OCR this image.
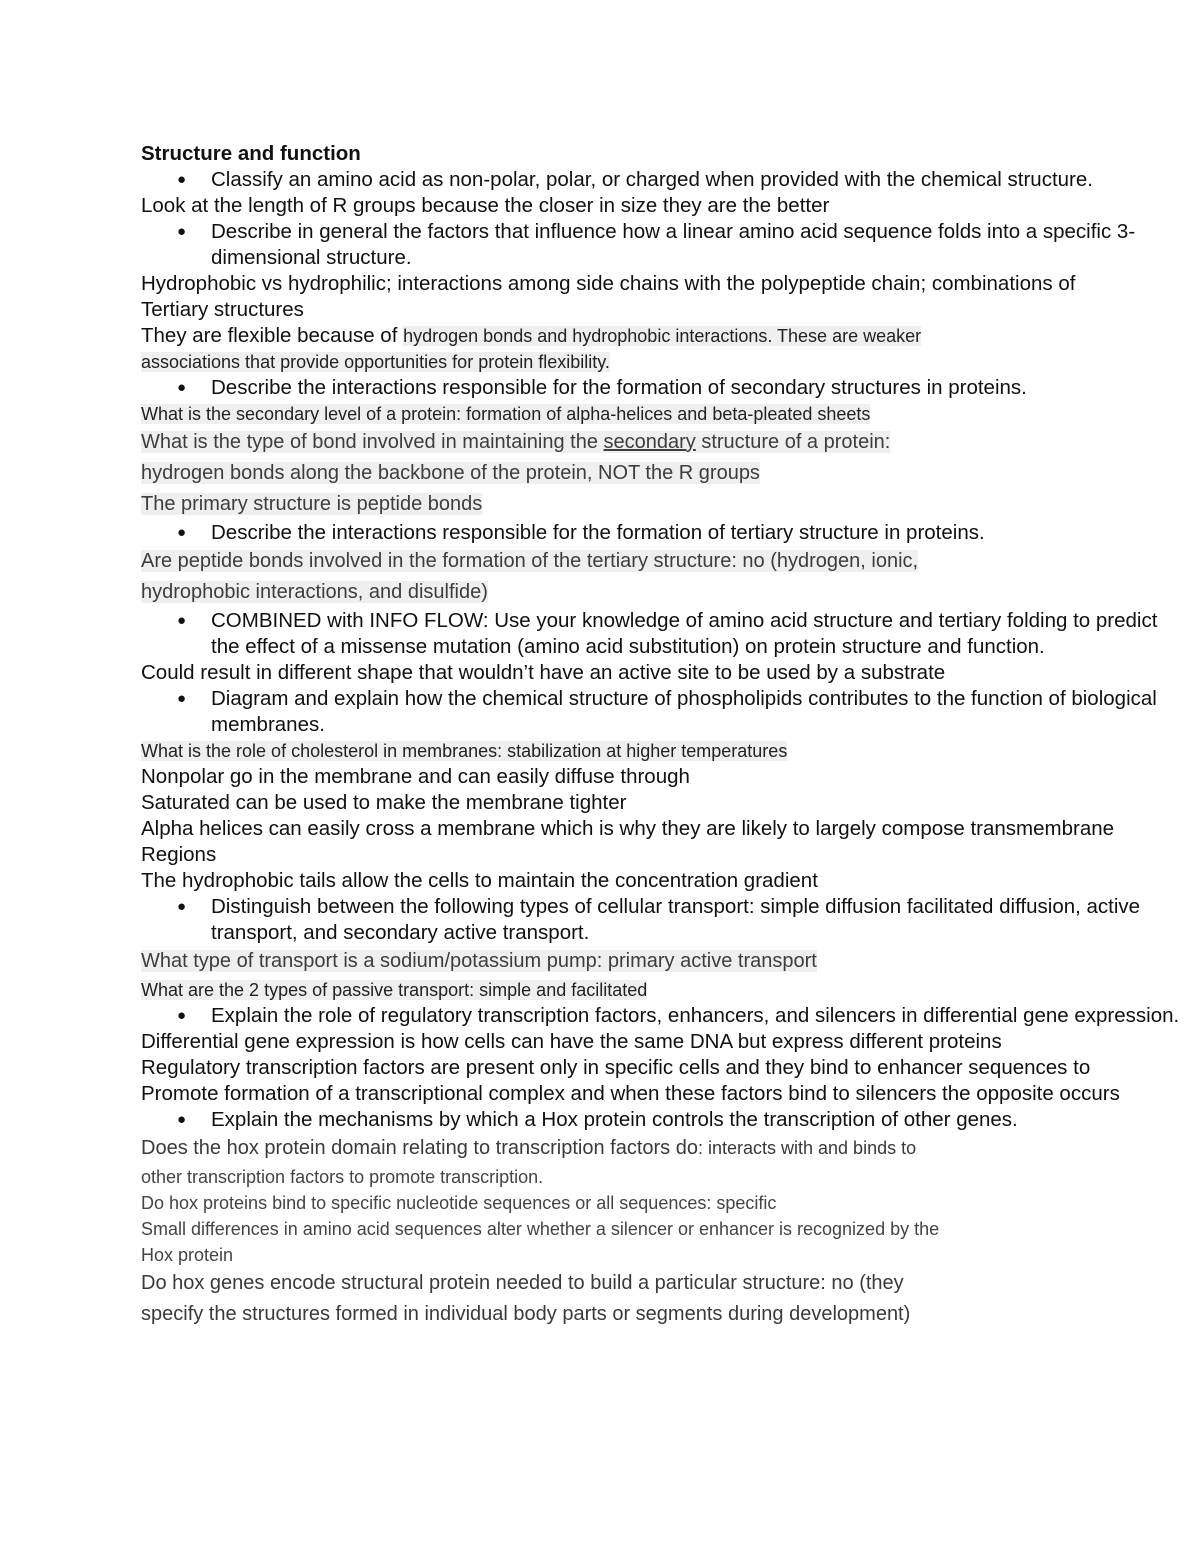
Structure and function
● Classify an amino acid as non-polar, polar, or charged when provided with the chemical structure.
Look at the length of R groups because the closer in size they are the better
● Describe in general the factors that influence how a linear amino acid sequence folds into a specific 3-dimensional structure.
Hydrophobic vs hydrophilic; interactions among side chains with the polypeptide chain; combinations of
Tertiary structures
They are flexible because of hydrogen bonds and hydrophobic interactions. These are weaker
associations that provide opportunities for protein flexibility.
● Describe the interactions responsible for the formation of secondary structures in proteins.
What is the secondary level of a protein: formation of alpha-helices and beta-pleated sheets
What is the type of bond involved in maintaining the secondary structure of a protein:
hydrogen bonds along the backbone of the protein, NOT the R groups
The primary structure is peptide bonds
● Describe the interactions responsible for the formation of tertiary structure in proteins.
Are peptide bonds involved in the formation of the tertiary structure: no (hydrogen, ionic,
hydrophobic interactions, and disulfide)
● COMBINED with INFO FLOW: Use your knowledge of amino acid structure and tertiary folding to predict the effect of a missense mutation (amino acid substitution) on protein structure and function.
Could result in different shape that wouldn’t have an active site to be used by a substrate
● Diagram and explain how the chemical structure of phospholipids contributes to the function of biological membranes.
What is the role of cholesterol in membranes: stabilization at higher temperatures
Nonpolar go in the membrane and can easily diffuse through
Saturated can be used to make the membrane tighter
Alpha helices can easily cross a membrane which is why they are likely to largely compose transmembrane
Regions
The hydrophobic tails allow the cells to maintain the concentration gradient
● Distinguish between the following types of cellular transport: simple diffusion facilitated diffusion, active transport, and secondary active transport.
What type of transport is a sodium/potassium pump: primary active transport
What are the 2 types of passive transport: simple and facilitated
● Explain the role of regulatory transcription factors, enhancers, and silencers in differential gene expression.
Differential gene expression is how cells can have the same DNA but express different proteins
Regulatory transcription factors are present only in specific cells and they bind to enhancer sequences to
Promote formation of a transcriptional complex and when these factors bind to silencers the opposite occurs
● Explain the mechanisms by which a Hox protein controls the transcription of other genes.
Does the hox protein domain relating to transcription factors do: interacts with and binds to
other transcription factors to promote transcription.
Do hox proteins bind to specific nucleotide sequences or all sequences: specific
Small differences in amino acid sequences alter whether a silencer or enhancer is recognized by the
Hox protein
Do hox genes encode structural protein needed to build a particular structure: no (they
specify the structures formed in individual body parts or segments during development)
